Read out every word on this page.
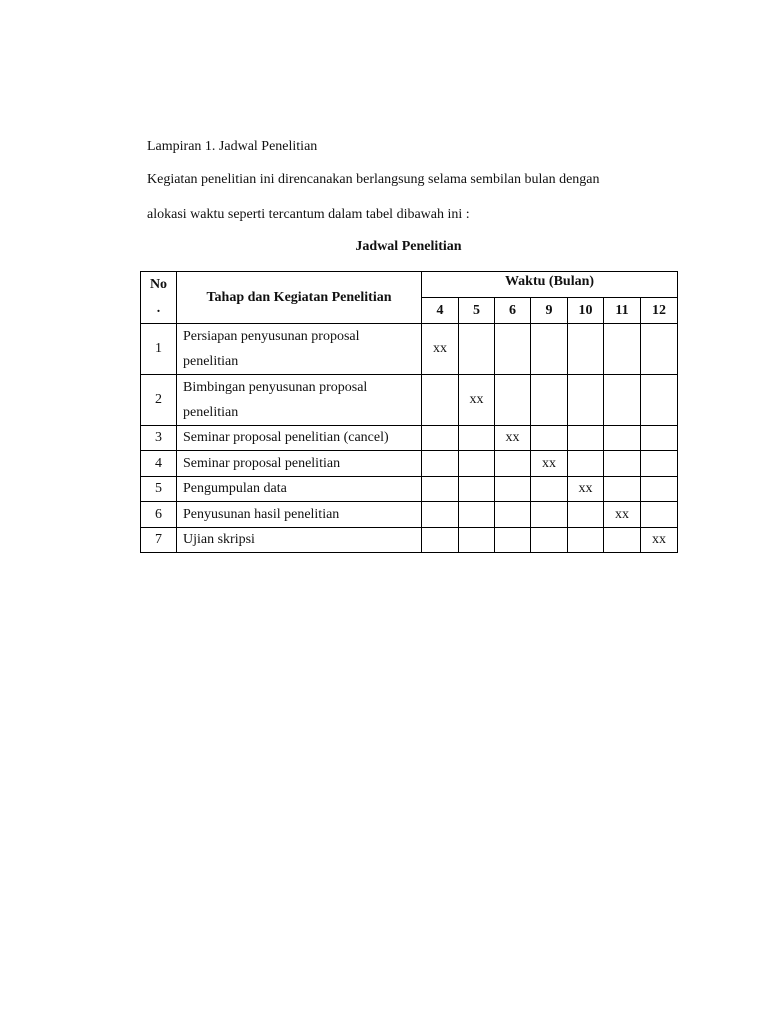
Lampiran 1. Jadwal Penelitian

Kegiatan penelitian ini direncanakan berlangsung selama sembilan bulan dengan

alokasi waktu seperti tercantum dalam tabel dibawah ini :

Jadwal Penelitian

No
.	Tahap dan Kegiatan Penelitian	Waktu (Bulan)						
		4	5	6	9	10	11	12
1	Persiapan penyusunan proposal
penelitian	xx						
2	Bimbingan penyusunan proposal
penelitian		xx					
3	Seminar proposal penelitian (cancel)			xx				
4	Seminar proposal penelitian				xx			
5	Pengumpulan data					xx		
6	Penyusunan hasil penelitian						xx	
7	Ujian skripsi							xx
